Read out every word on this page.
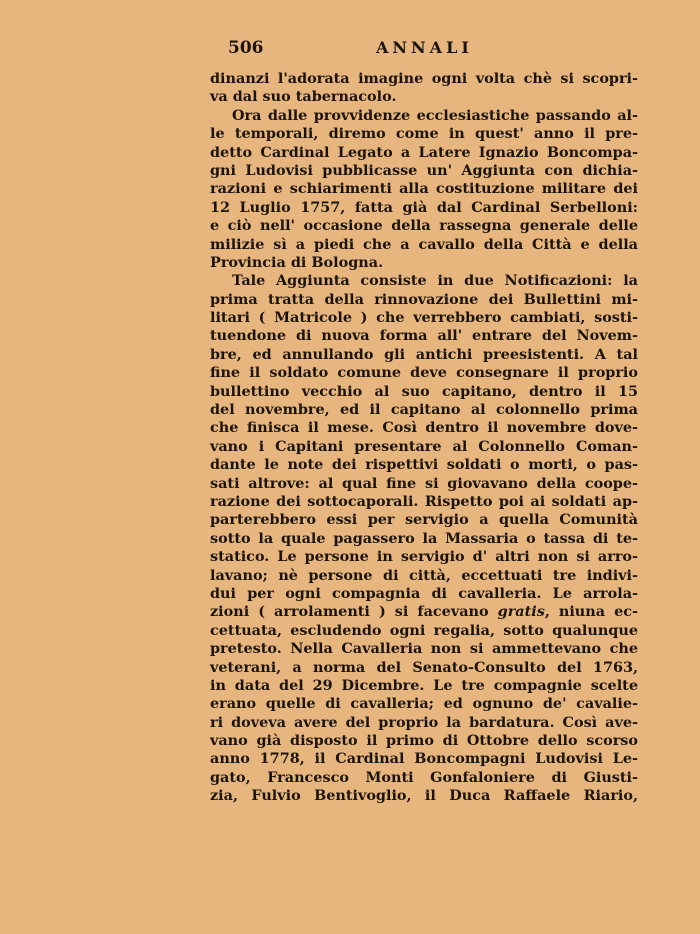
506	ANNALI
dinanzi l'adorata imagine ogni volta chè si scopri-
va dal suo tabernacolo.
Ora dalle provvidenze ecclesiastiche passando al-
le temporali, diremo come in quest' anno il pre-
detto Cardinal Legato a Latere Ignazio Boncompa-
gni Ludovisi pubblicasse un' Aggiunta con dichia-
razioni e schiarimenti alla costituzione militare dei
12 Luglio 1757, fatta già dal Cardinal Serbelloni:
e ciò nell' occasione della rassegna generale delle
milizie sì a piedi che a cavallo della Città e della
Provincia di Bologna.
Tale Aggiunta consiste in due Notificazioni: la
prima tratta della rinnovazione dei Bullettini mi-
litari ( Matricole ) che verrebbero cambiati, sosti-
tuendone di nuova forma all' entrare del Novem-
bre, ed annullando gli antichi preesistenti. A tal
fine il soldato comune deve consegnare il proprio
bullettino vecchio al suo capitano, dentro il 15
del novembre, ed il capitano al colonnello prima
che finisca il mese. Così dentro il novembre dove-
vano i Capitani presentare al Colonnello Coman-
dante le note dei rispettivi soldati o morti, o pas-
sati altrove: al qual fine si giovavano della coope-
razione dei sottocaporali. Rispetto poi ai soldati ap-
parterebbero essi per servigio a quella Comunità
sotto la quale pagassero la Massaria o tassa di te-
statico. Le persone in servigio d' altri non si arro-
lavano; nè persone di città, eccettuati tre indivi-
dui per ogni compagnia di cavalleria. Le arrola-
zioni ( arrolamenti ) si facevano gratis, niuna ec-
cettuata, escludendo ogni regalia, sotto qualunque
pretesto. Nella Cavalleria non si ammettevano che
veterani, a norma del Senato-Consulto del 1763,
in data del 29 Dicembre. Le tre compagnie scelte
erano quelle di cavalleria; ed ognuno de' cavalie-
ri doveva avere del proprio la bardatura. Così ave-
vano già disposto il primo di Ottobre dello scorso
anno 1778, il Cardinal Boncompagni Ludovisi Le-
gato, Francesco Monti Gonfaloniere di Giusti-
zia, Fulvio Bentivoglio, il Duca Raffaele Riario,
